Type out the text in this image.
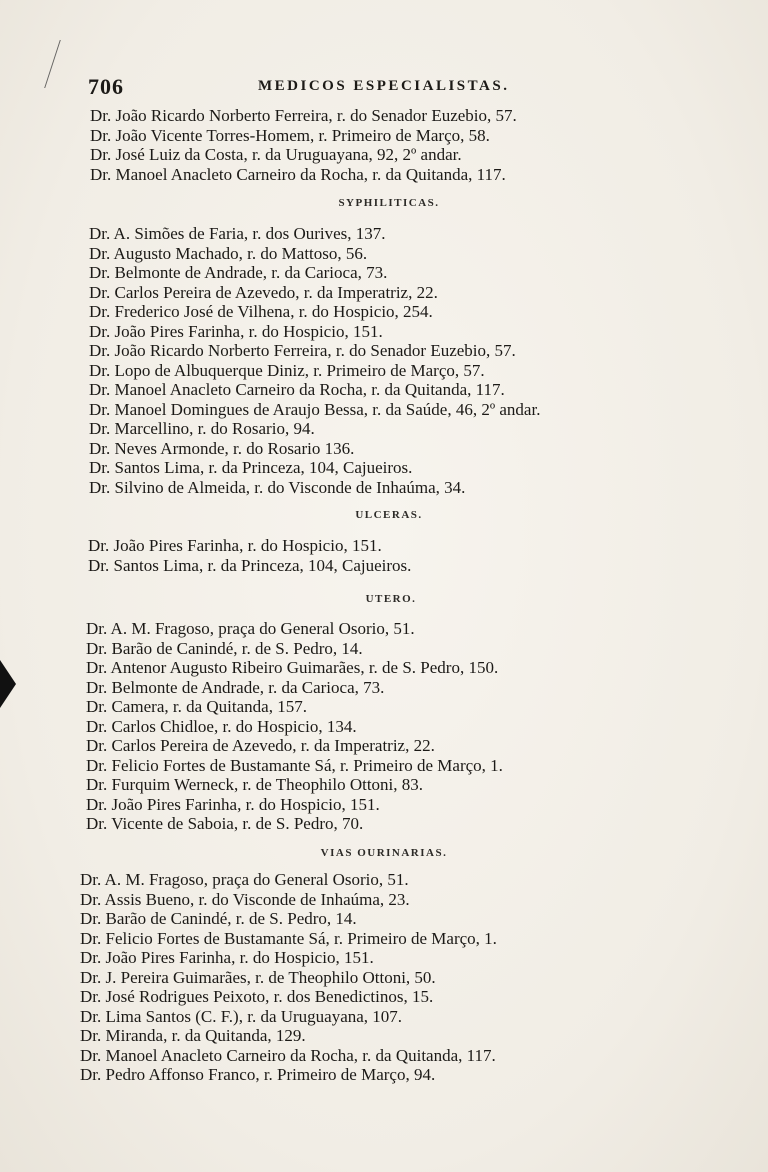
706	MEDICOS ESPECIALISTAS.
Dr. João Ricardo Norberto Ferreira, r. do Senador Euzebio, 57.
Dr. João Vicente Torres-Homem, r. Primeiro de Março, 58.
Dr. José Luiz da Costa, r. da Uruguayana, 92, 2º andar.
Dr. Manoel Anacleto Carneiro da Rocha, r. da Quitanda, 117.
SYPHILITICAS.
Dr. A. Simões de Faria, r. dos Ourives, 137.
Dr. Augusto Machado, r. do Mattoso, 56.
Dr. Belmonte de Andrade, r. da Carioca, 73.
Dr. Carlos Pereira de Azevedo, r. da Imperatriz, 22.
Dr. Frederico José de Vilhena, r. do Hospicio, 254.
Dr. João Pires Farinha, r. do Hospicio, 151.
Dr. João Ricardo Norberto Ferreira, r. do Senador Euzebio, 57.
Dr. Lopo de Albuquerque Diniz, r. Primeiro de Março, 57.
Dr. Manoel Anacleto Carneiro da Rocha, r. da Quitanda, 117.
Dr. Manoel Domingues de Araujo Bessa, r. da Saúde, 46, 2º andar.
Dr. Marcellino, r. do Rosario, 94.
Dr. Neves Armonde, r. do Rosario 136.
Dr. Santos Lima, r. da Princeza, 104, Cajueiros.
Dr. Silvino de Almeida, r. do Visconde de Inhaúma, 34.
ULCERAS.
Dr. João Pires Farinha, r. do Hospicio, 151.
Dr. Santos Lima, r. da Princeza, 104, Cajueiros.
UTERO.
Dr. A. M. Fragoso, praça do General Osorio, 51.
Dr. Barão de Canindé, r. de S. Pedro, 14.
Dr. Antenor Augusto Ribeiro Guimarães, r. de S. Pedro, 150.
Dr. Belmonte de Andrade, r. da Carioca, 73.
Dr. Camera, r. da Quitanda, 157.
Dr. Carlos Chidloe, r. do Hospicio, 134.
Dr. Carlos Pereira de Azevedo, r. da Imperatriz, 22.
Dr. Felicio Fortes de Bustamante Sá, r. Primeiro de Março, 1.
Dr. Furquim Werneck, r. de Theophilo Ottoni, 83.
Dr. João Pires Farinha, r. do Hospicio, 151.
Dr. Vicente de Saboia, r. de S. Pedro, 70.
VIAS OURINARIAS.
Dr. A. M. Fragoso, praça do General Osorio, 51.
Dr. Assis Bueno, r. do Visconde de Inhaúma, 23.
Dr. Barão de Canindé, r. de S. Pedro, 14.
Dr. Felicio Fortes de Bustamante Sá, r. Primeiro de Março, 1.
Dr. João Pires Farinha, r. do Hospicio, 151.
Dr. J. Pereira Guimarães, r. de Theophilo Ottoni, 50.
Dr. José Rodrigues Peixoto, r. dos Benedictinos, 15.
Dr. Lima Santos (C. F.), r. da Uruguayana, 107.
Dr. Miranda, r. da Quitanda, 129.
Dr. Manoel Anacleto Carneiro da Rocha, r. da Quitanda, 117.
Dr. Pedro Affonso Franco, r. Primeiro de Março, 94.
